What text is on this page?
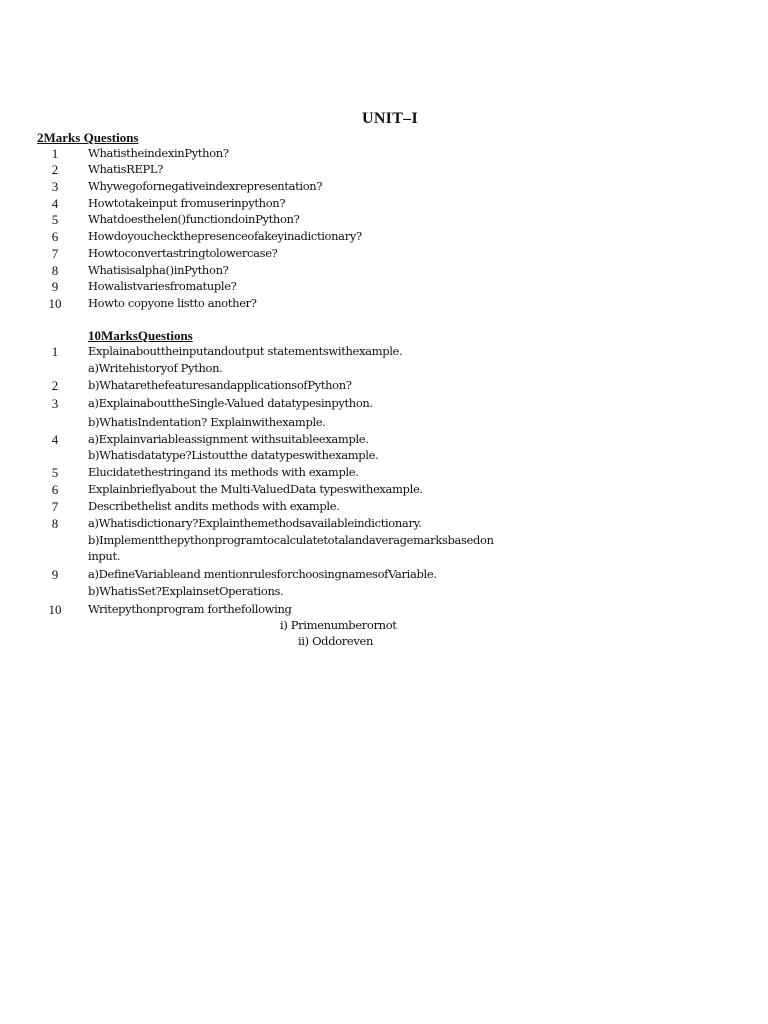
UNIT–I
2Marks Questions
1	WhatistheindexinPython?
2	WhatisREPL?
3	Whywegofornegativeindexrepresentation?
4	Howtotakeinput fromuserinpython?
5	Whatdoesthelen()functiondoinPython?
6	Howdoyoucheckthepresenceofakeyinadictionary?
7	Howtoconvertastringtolowercase?
8	Whatisisalpha()inPython?
9	Howalistvariesfromatuple?
10	Howto copyone listto another?
10MarksQuestions
1	Explainabouttheinputandoutput statementswithexample.
a)Writehistoryof Python.
2	b)WhatarethefeaturesandapplicationsofPython?
3	a)ExplainabouttheSingle-Valued datatypesinpython.
b)WhatisIndentation? Explainwithexample.
4	a)Explainvariableassignment withsuitableexample.
b)Whatisdatatype?Listoutthe datatypeswithexample.
5	Elucidatethestringand its methods with example.
6	Explainbrieflyabout the Multi-ValuedData typeswithexample.
7	Describethelist andits methods with example.
8	a)Whatisdictionary?Explainthemethodsavailableindictionary.
b)Implementthepythonprogramtocalculatetotalandaveragemarksbasedon
input.
9	a)DefineVariableand mentionrulesforchoosingnamesofVariable.
b)WhatisSet?ExplainsetOperations.
10	Writepythonprogram forthefollowing
i) Primenumberornot
ii) Oddoreven
